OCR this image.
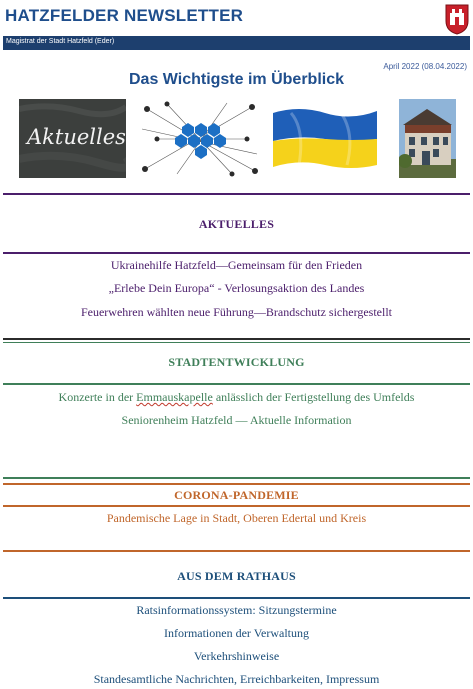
HATZFELDER NEWSLETTER
Magistrat der Stadt Hatzfeld (Eder)
April 2022 (08.04.2022)
Das Wichtigste im Überblick
Aktuelles
AKTUELLES
Ukrainehilfe Hatzfeld—Gemeinsam für den Frieden
„Erlebe Dein Europa“ - Verlosungsaktion des Landes
Feuerwehren wählten neue Führung—Brandschutz sichergestellt
STADTENTWICKLUNG
Konzerte in der Emmauskapelle anlässlich der Fertigstellung des Umfelds
Seniorenheim Hatzfeld — Aktuelle Information
CORONA-PANDEMIE
Pandemische Lage in Stadt, Oberen Edertal und Kreis
AUS DEM RATHAUS
Ratsinformationssystem: Sitzungstermine
Informationen der Verwaltung
Verkehrshinweise
Standesamtliche Nachrichten, Erreichbarkeiten, Impressum
